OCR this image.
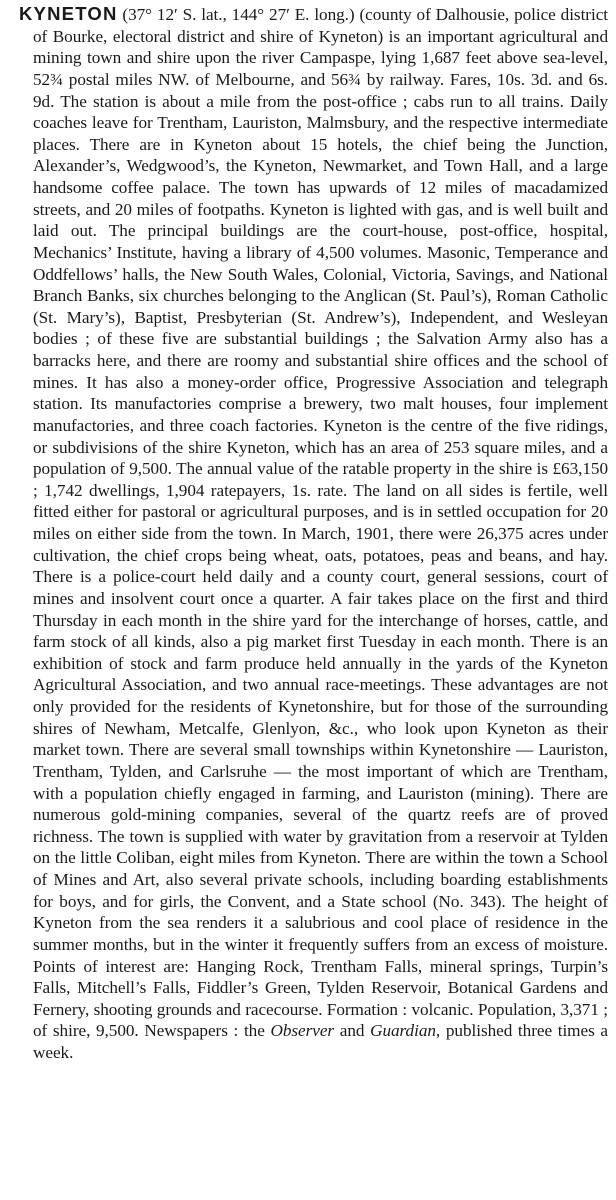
KYNETON (37° 12′ S. lat., 144° 27′ E. long.) (county of Dalhousie, police district of Bourke, electoral district and shire of Kyneton) is an important agricultural and mining town and shire upon the river Campaspe, lying 1,687 feet above sea-level, 52¾ postal miles NW. of Melbourne, and 56¾ by railway. Fares, 10s. 3d. and 6s. 9d. The station is about a mile from the post-office ; cabs run to all trains. Daily coaches leave for Trentham, Lauriston, Malmsbury, and the respective intermediate places. There are in Kyneton about 15 hotels, the chief being the Junction, Alexander’s, Wedgwood’s, the Kyneton, Newmarket, and Town Hall, and a large handsome coffee palace. The town has upwards of 12 miles of macadamized streets, and 20 miles of footpaths. Kyneton is lighted with gas, and is well built and laid out. The principal buildings are the court-house, post-office, hospital, Mechanics’ Institute, having a library of 4,500 volumes. Masonic, Temperance and Oddfellows’ halls, the New South Wales, Colonial, Victoria, Savings, and National Branch Banks, six churches belonging to the Anglican (St. Paul’s), Roman Catholic (St. Mary’s), Baptist, Presbyterian (St. Andrew’s), Independent, and Wesleyan bodies ; of these five are substantial buildings ; the Salvation Army also has a barracks here, and there are roomy and substantial shire offices and the school of mines. It has also a money-order office, Progressive Association and telegraph station. Its manufactories comprise a brewery, two malt houses, four implement manufactories, and three coach factories. Kyneton is the centre of the five ridings, or subdivisions of the shire Kyneton, which has an area of 253 square miles, and a population of 9,500. The annual value of the ratable property in the shire is £63,150 ; 1,742 dwellings, 1,904 ratepayers, 1s. rate. The land on all sides is fertile, well fitted either for pastoral or agricultural purposes, and is in settled occupation for 20 miles on either side from the town. In March, 1901, there were 26,375 acres under cultivation, the chief crops being wheat, oats, potatoes, peas and beans, and hay. There is a police-court held daily and a county court, general sessions, court of mines and insolvent court once a quarter. A fair takes place on the first and third Thursday in each month in the shire yard for the interchange of horses, cattle, and farm stock of all kinds, also a pig market first Tuesday in each month. There is an exhibition of stock and farm produce held annually in the yards of the Kyneton Agricultural Association, and two annual race-meetings. These advantages are not only provided for the residents of Kynetonshire, but for those of the surrounding shires of Newham, Metcalfe, Glenlyon, &c., who look upon Kyneton as their market town. There are several small townships within Kynetonshire — Lauriston, Trentham, Tylden, and Carlsruhe — the most important of which are Trentham, with a population chiefly engaged in farming, and Lauriston (mining). There are numerous gold-mining companies, several of the quartz reefs are of proved richness. The town is supplied with water by gravitation from a reservoir at Tylden on the little Coliban, eight miles from Kyneton. There are within the town a School of Mines and Art, also several private schools, including boarding establishments for boys, and for girls, the Convent, and a State school (No. 343). The height of Kyneton from the sea renders it a salubrious and cool place of residence in the summer months, but in the winter it frequently suffers from an excess of moisture. Points of interest are: Hanging Rock, Trentham Falls, mineral springs, Turpin’s Falls, Mitchell’s Falls, Fiddler’s Green, Tylden Reservoir, Botanical Gardens and Fernery, shooting grounds and racecourse. Formation : volcanic. Population, 3,371 ; of shire, 9,500. Newspapers : the Observer and Guardian, published three times a week.
